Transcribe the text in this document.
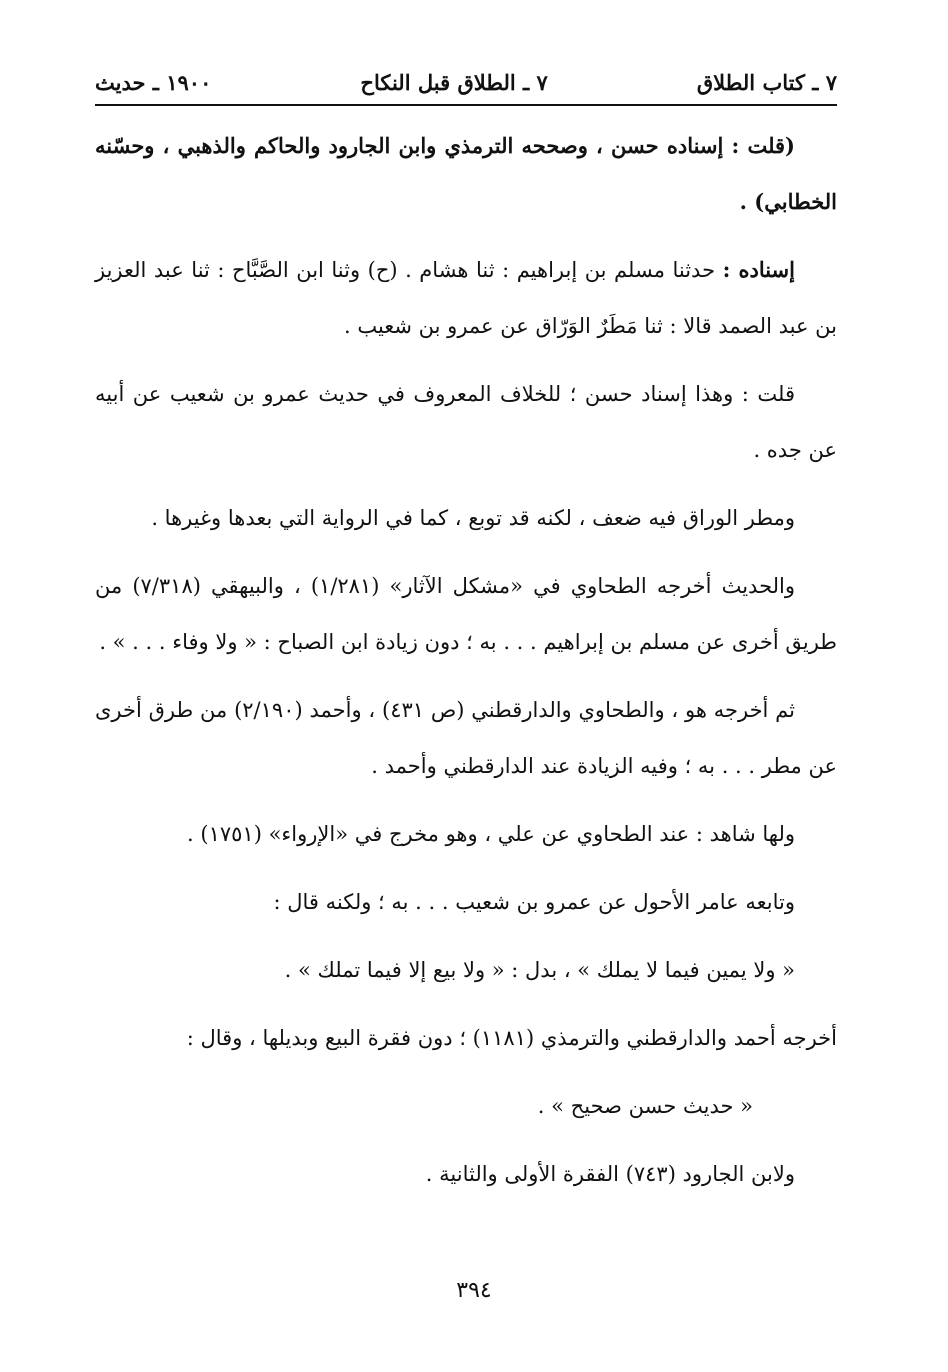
٧ ـ كتاب الطلاق
٧ ـ الطلاق قبل النكاح
١٩٠٠ ـ حديث

(قلت : إسناده حسن ، وصححه الترمذي وابن الجارود والحاكم والذهبي ، وحسّنه الخطابي) .

إسناده : حدثنا مسلم بن إبراهيم : ثنا هشام . (ح) وثنا ابن الصَّبَّاح : ثنا عبد العزيز بن عبد الصمد قالا : ثنا مَطَرٌ الوَرّاق عن عمرو بن شعيب .

قلت : وهذا إسناد حسن ؛ للخلاف المعروف في حديث عمرو بن شعيب عن أبيه عن جده .

ومطر الوراق فيه ضعف ، لكنه قد توبع ، كما في الرواية التي بعدها وغيرها .

والحديث أخرجه الطحاوي في «مشكل الآثار» (١/٢٨١) ، والبيهقي (٧/٣١٨) من طريق أخرى عن مسلم بن إبراهيم . . . به ؛ دون زيادة ابن الصباح : « ولا وفاء . . . » .

ثم أخرجه هو ، والطحاوي والدارقطني (ص ٤٣١) ، وأحمد (٢/١٩٠) من طرق أخرى عن مطر . . . به ؛ وفيه الزيادة عند الدارقطني وأحمد .

ولها شاهد : عند الطحاوي عن علي ، وهو مخرج في «الإرواء» (١٧٥١) .

وتابعه عامر الأحول عن عمرو بن شعيب . . . به ؛ ولكنه قال :

« ولا يمين فيما لا يملك » ، بدل : « ولا بيع إلا فيما تملك » .

أخرجه أحمد والدارقطني والترمذي (١١٨١) ؛ دون فقرة البيع وبديلها ، وقال :

« حديث حسن صحيح » .

ولابن الجارود (٧٤٣) الفقرة الأولى والثانية .

٣٩٤
